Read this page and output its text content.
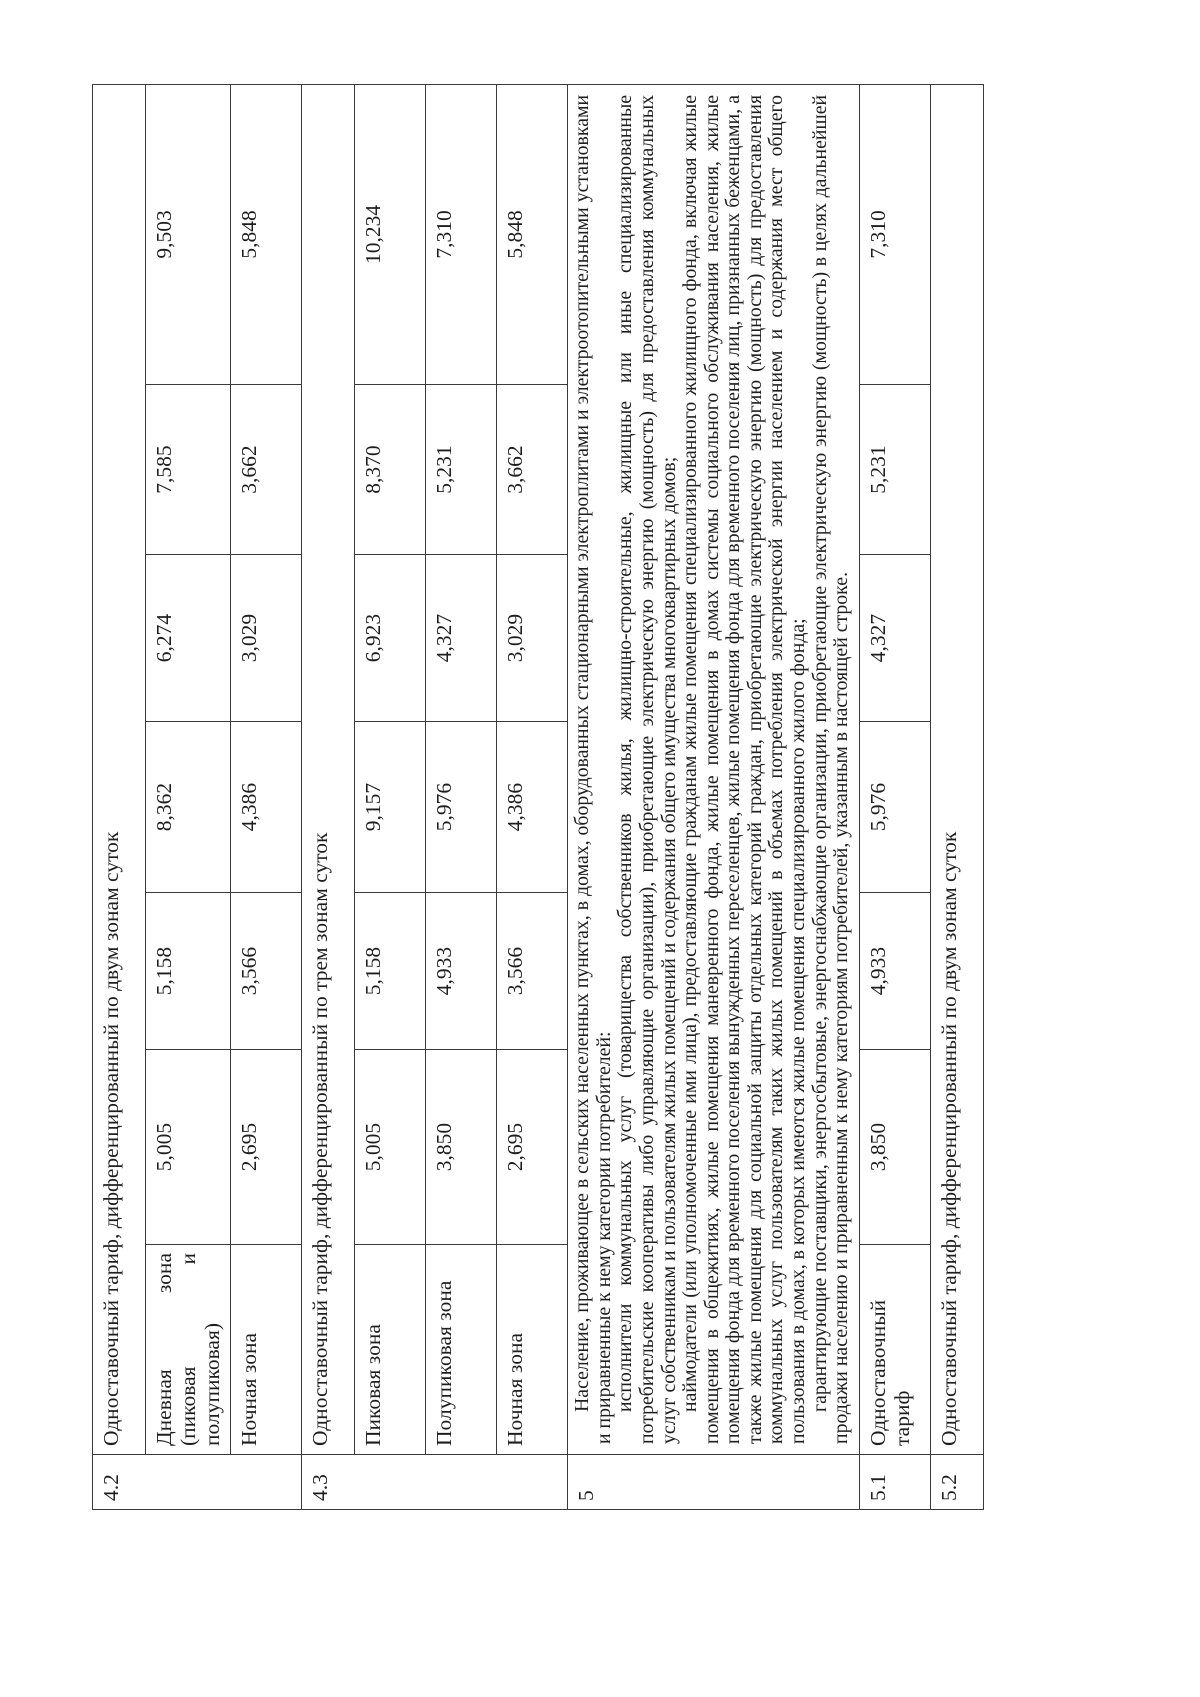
4.2	Одноставочный тариф, дифференцированный по двум зонам суток						
	Дневная зона (пиковая и полупиковая)	5,005	5,158	8,362	6,274	7,585	9,503
	Ночная зона	2,695	3,566	4,386	3,029	3,662	5,848
4.3	Одноставочный тариф, дифференцированный по трем зонам суток						
	Пиковая зона	5,005	5,158	9,157	6,923	8,370	10,234
	Полупиковая зона	3,850	4,933	5,976	4,327	5,231	7,310
	Ночная зона	2,695	3,566	4,386	3,029	3,662	5,848
5	Население, проживающее в сельских населенных пунктах, в домах, оборудованных стационарными электроплитами и электроотопительными установками и приравненные к нему категории потребителей: исполнители коммунальных услуг (товарищества собственников жилья, жилищно-строительные, жилищные или иные специализированные потребительские кооперативы либо управляющие организации), приобретающие электрическую энергию (мощность) для предоставления коммунальных услуг собственникам и пользователям жилых помещений и содержания общего имущества многоквартирных домов; наймодатели (или уполномоченные ими лица), предоставляющие гражданам жилые помещения специализированного жилищного фонда, включая жилые помещения в общежитиях, жилые помещения маневренного фонда, жилые помещения в домах системы социального обслуживания населения, жилые помещения фонда для временного поселения вынужденных переселенцев, жилые помещения фонда для временного поселения лиц, признанных беженцами, а также жилые помещения для социальной защиты отдельных категорий граждан, приобретающие электрическую энергию (мощность) для предоставления коммунальных услуг пользователям таких жилых помещений в объемах потребления электрической энергии населением и содержания мест общего пользования в домах, в которых имеются жилые помещения специализированного жилого фонда; гарантирующие поставщики, энергосбытовые, энергоснабжающие организации, приобретающие электрическую энергию (мощность) в целях дальнейшей продажи населению и приравненным к нему категориям потребителей, указанным в настоящей строке.						

5.1	Одноставочный тариф	3,850	4,933	5,976	4,327	5,231	7,310
5.2	Одноставочный тариф, дифференцированный по двум зонам суток						
